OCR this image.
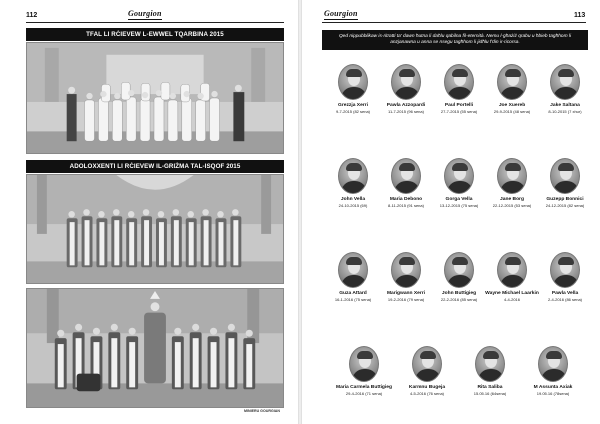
112	Gourgion
TFAL LI RĊIEVEW L-EWWEL TQARBINA 2015
ADOLOXXENTI LI RĊIEVEW IL-GRIŻMA TAL-ISQOF 2015
MINIERU GOURGIAN
Gourgion	113
Qed nippubblikaw is-ritratti ta' dawn ħutna li daħlu qabilna fil-eternità. Nemu l-għażiż qrabu u ħbieb tagħhom li anzjanawna u anna se nsegu tagħhom li jidħlu f'din ir-ricorsa.
Grezzja Xerri
9-7-2015 (82 sena)
Pawla Azzopardi
11-7-2015 (96 sena)
Paul Portelli
27-7-2015 (55 sena)
Joe Xuereb
29-9-2015 (48 sena)
Jake Saltana
8-10-2015 (7 xhur)
John Vella
24-10-2015 (69)
Maria Debono
8-11-2015 (91 sena)
Gorga Vella
13-12-2015 (75 sena)
Jane Borg
22-12-2015 (53 sena)
Guzepp Bonnici
24-12-2015 (82 sena)
Guza Attard
16-1-2016 (75 sena)
Marigwann Xerri
19-2-2016 (79 sena)
John Buttigieg
22-2-2016 (85 sena)
Wayne Michael Laarkin
4-4-2016
Pawla Vella
2-4-2016 (86 sena)
Maria Carmela Buttigieg
29-4-2016 (71 sena)
Karmnu Bugeja
4-5-2016 (76 sena)
Rita Saliba
15.05.16 (64sena)
M Assunta Axiak
19.05.16 (78sena)
